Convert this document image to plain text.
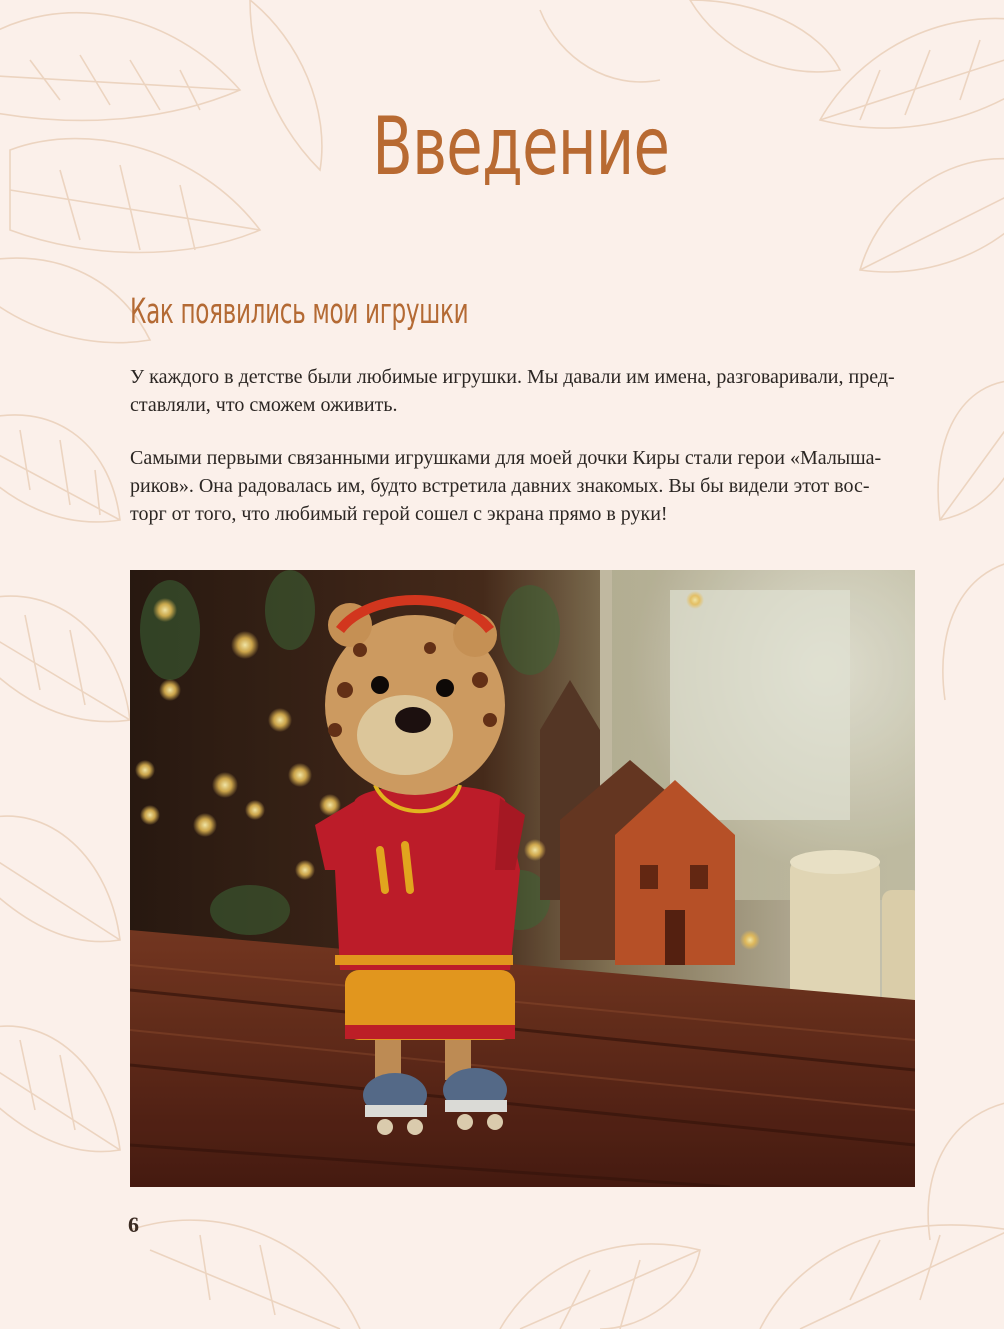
Введение
Как появились мои игрушки

У каждого в детстве были любимые игрушки. Мы давали им имена, разговаривали, пред-
ставляли, что сможем оживить.

Самыми первыми связанными игрушками для моей дочки Киры стали герои «Малыша-
риков». Она радовалась им, будто встретила давних знакомых. Вы бы видели этот вос-
торг от того, что любимый герой сошел с экрана прямо в руки!

6
